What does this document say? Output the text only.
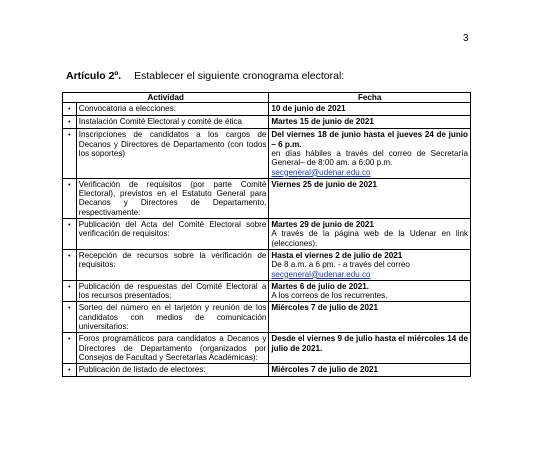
3
Artículo 2º. Establecer el siguiente cronograma electoral:
Actividad		Fecha
•	Convocatoria a elecciones:	10 de junio de 2021

•	Instalación Comité Electoral y comité de ética	Martes 15 de junio de 2021

•	Inscripciones de candidatos a los cargos de Decanos y Directores de Departamento (con todos los soportes)	Del viernes 18 de junio hasta el jueves 24 de junio – 6 p.m.
en días hábiles a través del correo de Secretaría General– de 8:00 am. a 6:00 p.m.
secgeneral@udenar.edu.co

•	Verificación de requisitos (por parte Comité Electoral), previstos en el Estatuto General para Decanos y Directores de Departamento, respectivamente:	Viernes 25 de junio de 2021

•	Publicación del Acta del Comité Electoral sobre verificación de requisitos:	Martes 29 de junio de 2021
A través de la página web de la Udenar en link (elecciones).

•	Recepción de recursos sobre la verificación de requisitos:	Hasta el viernes 2 de julio de 2021
De 8 a.m. a 6 pm. - a través del correo
secgeneral@udenar.edu.co

•	Publicación de respuestas del Comité Electoral a los recursos presentados:	Martes 6 de julio de 2021.
A los correos de los recurrentes.

•	Sorteo del número en el tarjetón y reunión de los candidatos con medios de comunicación universitarios:	Miércoles 7 de julio de 2021

•	Foros programáticos para candidatos a Decanos y Directores de Departamento (organizados por Consejos de Facultad y Secretarías Académicas):	Desde el viernes 9 de julio hasta el miércoles 14 de julio de 2021.

•	Publicación de listado de electores:	Miércoles 7 de julio de 2021
